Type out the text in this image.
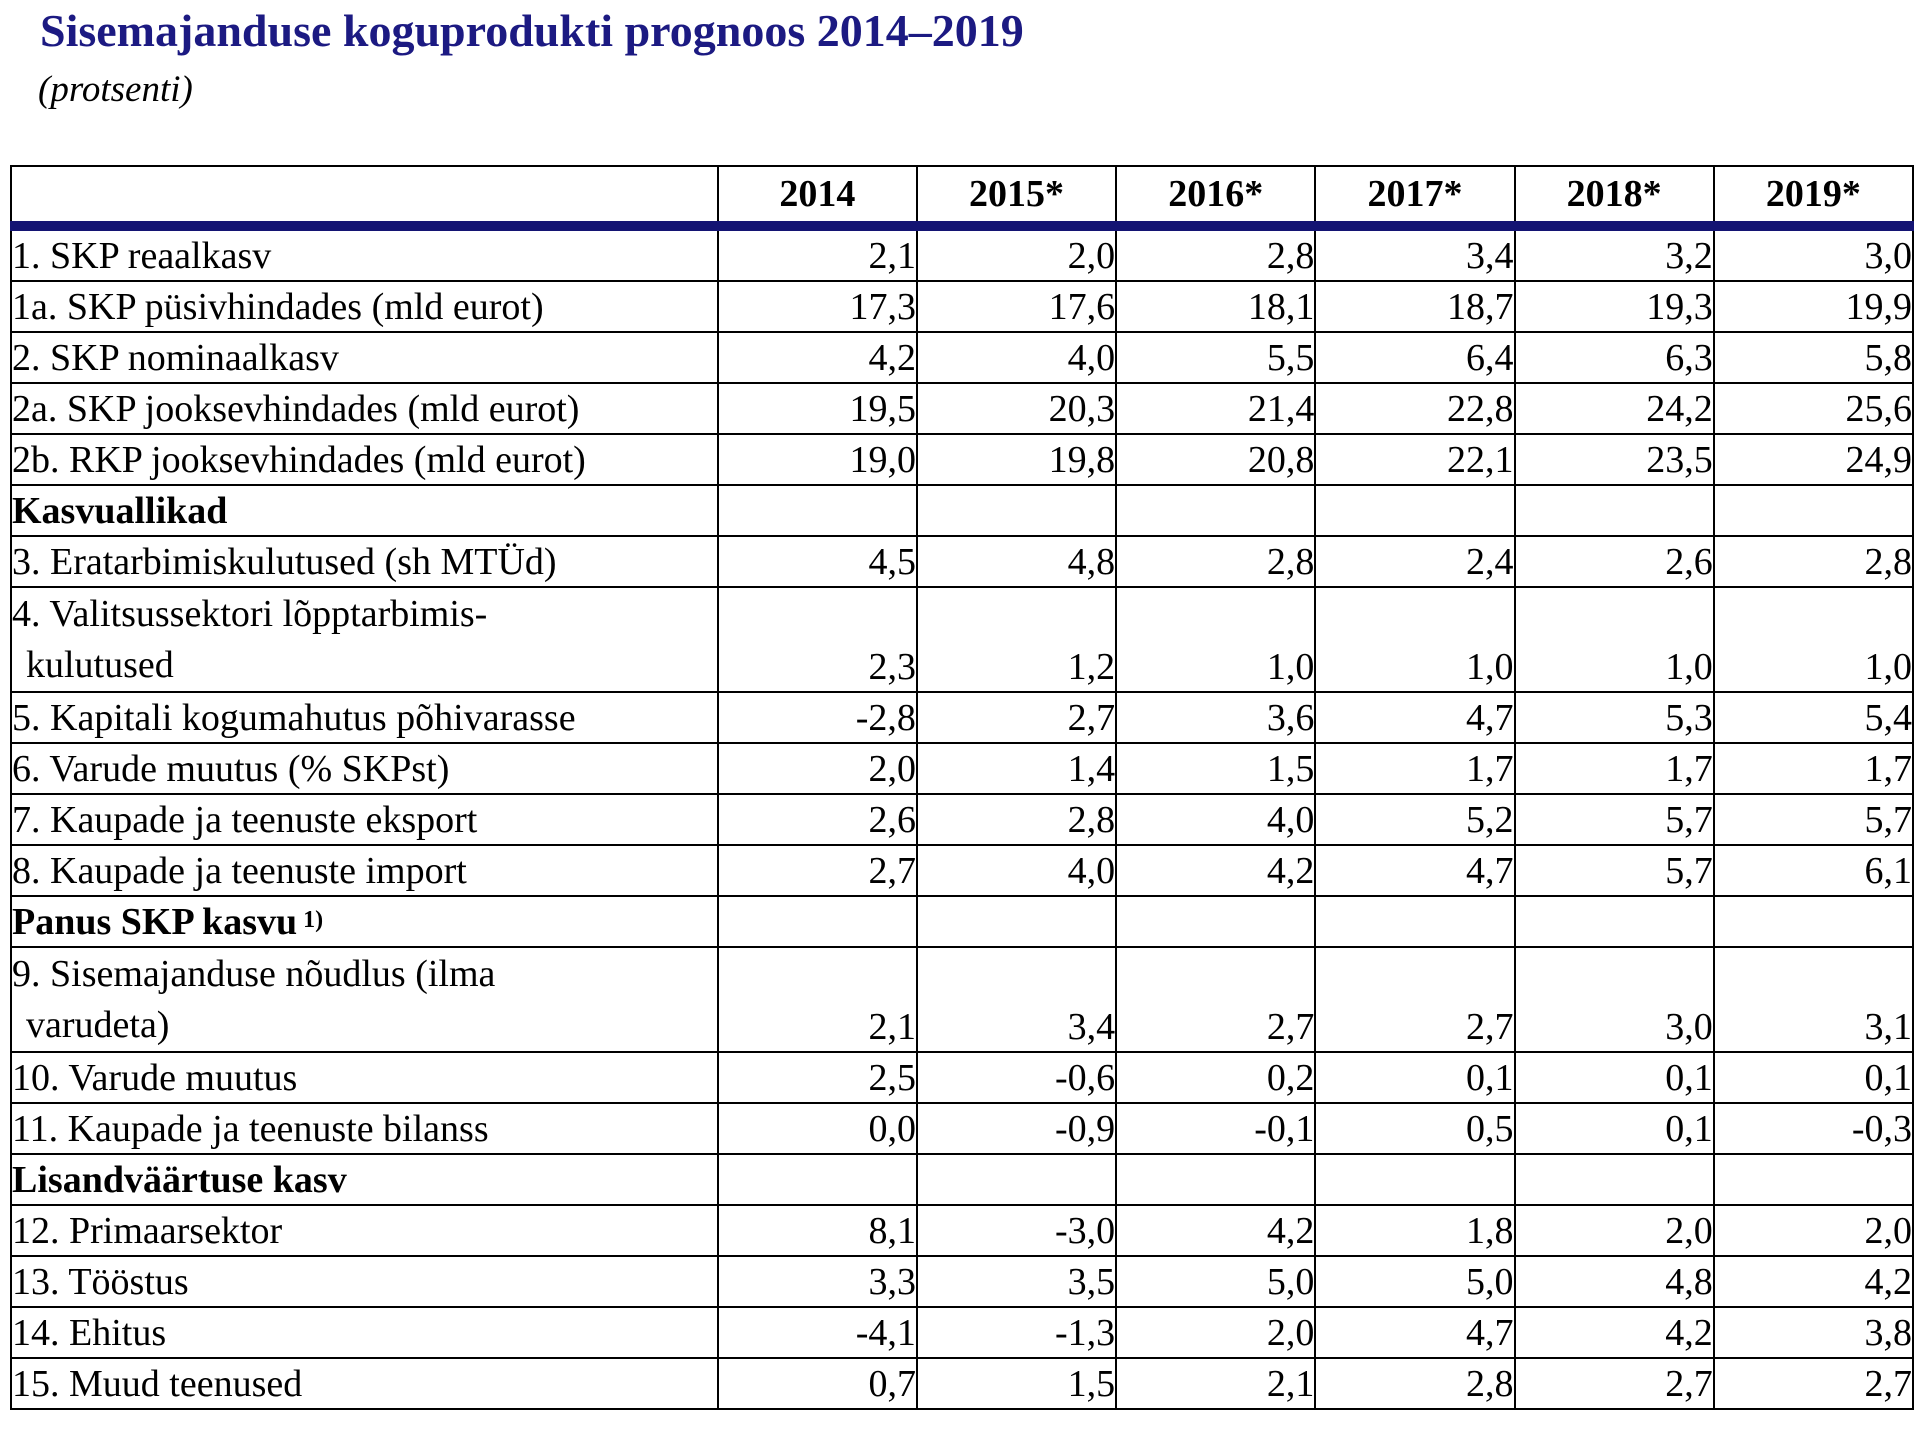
Sisemajanduse koguprodukti prognoos 2014–2019
(protsenti)
	2014	2015*	2016*	2017*	2018*	2019*
1. SKP reaalkasv	2,1	2,0	2,8	3,4	3,2	3,0
1a. SKP püsivhindades (mld eurot)	17,3	17,6	18,1	18,7	19,3	19,9
2. SKP nominaalkasv	4,2	4,0	5,5	6,4	6,3	5,8
2a. SKP jooksevhindades (mld eurot)	19,5	20,3	21,4	22,8	24,2	25,6
2b. RKP jooksevhindades (mld eurot)	19,0	19,8	20,8	22,1	23,5	24,9
Kasvuallikad						
3. Eratarbimiskulutused (sh MTÜd)	4,5	4,8	2,8	2,4	2,6	2,8
4. Valitsussektori lõpptarbimis-
kulutused	2,3	1,2	1,0	1,0	1,0	1,0
5. Kapitali kogumahutus põhivarasse	-2,8	2,7	3,6	4,7	5,3	5,4
6. Varude muutus (% SKPst)	2,0	1,4	1,5	1,7	1,7	1,7
7. Kaupade ja teenuste eksport	2,6	2,8	4,0	5,2	5,7	5,7
8. Kaupade ja teenuste import	2,7	4,0	4,2	4,7	5,7	6,1
Panus SKP kasvu $^{1)}$						
9. Sisemajanduse nõudlus (ilma
varudeta)	2,1	3,4	2,7	2,7	3,0	3,1
10. Varude muutus	2,5	-0,6	0,2	0,1	0,1	0,1
11. Kaupade ja teenuste bilanss	0,0	-0,9	-0,1	0,5	0,1	-0,3
Lisandväärtuse kasv						
12. Primaarsektor	8,1	-3,0	4,2	1,8	2,0	2,0
13. Tööstus	3,3	3,5	5,0	5,0	4,8	4,2
14. Ehitus	-4,1	-1,3	2,0	4,7	4,2	3,8
15. Muud teenused	0,7	1,5	2,1	2,8	2,7	2,7
